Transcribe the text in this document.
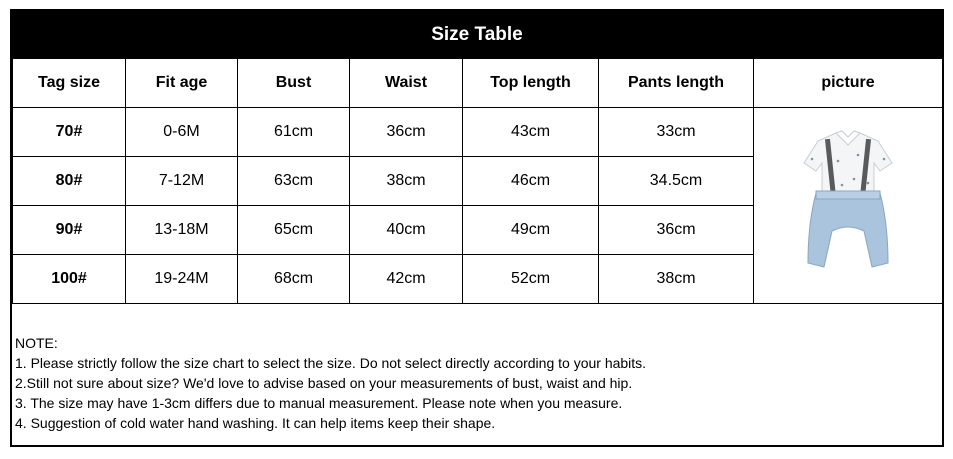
Size Table
Tag size	Fit age	Bust	Waist	Top length	Pants length	picture
70#	0-6M	61cm	36cm	43cm	33cm	
80#	7-12M	63cm	38cm	46cm	34.5cm	
90#	13-18M	65cm	40cm	49cm	36cm	
100#	19-24M	68cm	42cm	52cm	38cm	
NOTE:
1. Please strictly follow the size chart to select the size. Do not select directly according to your habits.
2.Still not sure about size? We'd love to advise based on your measurements of bust, waist and hip.
3. The size may have 1-3cm differs due to manual measurement. Please note when you measure.
4. Suggestion of cold water hand washing. It can help items keep their shape.
